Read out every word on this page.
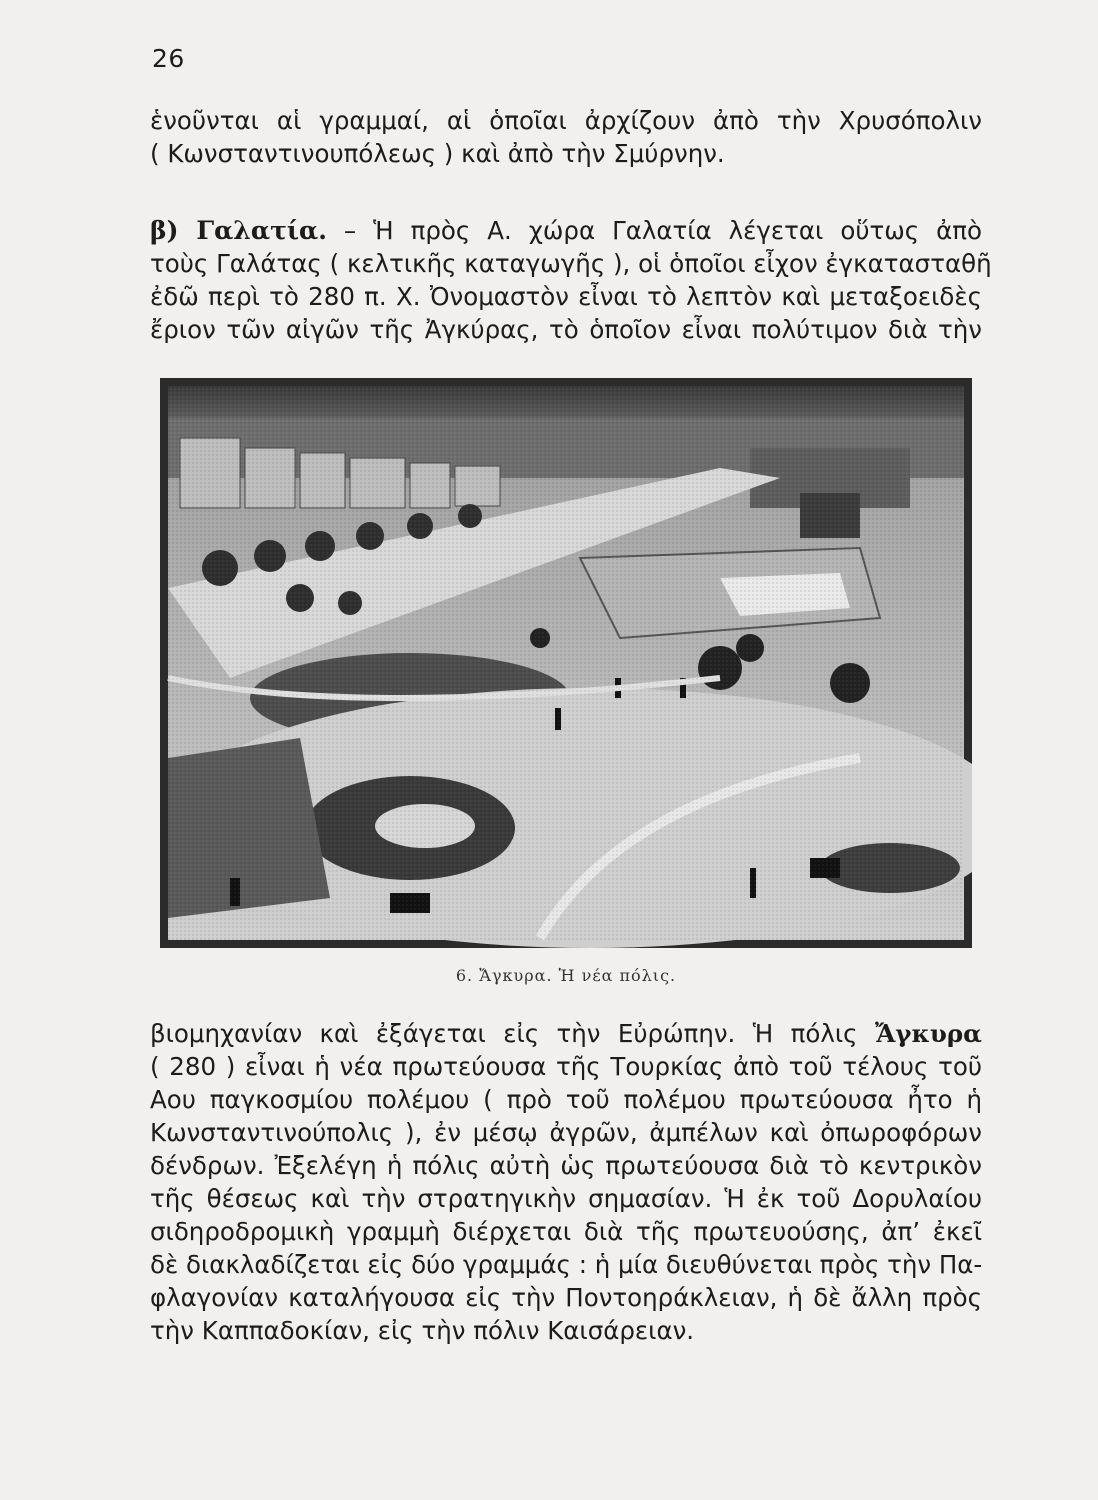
26

ἑνοῦνται αἱ γραμμαί, αἱ ὁποῖαι ἀρχίζουν ἀπὸ τὴν Χρυσόπολιν
( Κωνσταντινουπόλεως ) καὶ ἀπὸ τὴν Σμύρνην.

β) Γαλατία. – Ἡ πρὸς Α. χώρα Γαλατία λέγεται οὕτως ἀπὸ
τοὺς Γαλάτας ( κελτικῆς καταγωγῆς ), οἱ ὁποῖοι εἶχον ἐγκατασταθῆ
ἐδῶ περὶ τὸ 280 π. Χ. Ὀνομαστὸν εἶναι τὸ λεπτὸν καὶ μεταξοειδὲς
ἔριον τῶν αἰγῶν τῆς Ἀγκύρας, τὸ ὁποῖον εἶναι πολύτιμον διὰ τὴν

6. Ἄγκυρα. Ἡ νέα πόλις.

βιομηχανίαν καὶ ἐξάγεται εἰς τὴν Εὐρώπην. Ἡ πόλις Ἄγκυρα
( 280 ) εἶναι ἡ νέα πρωτεύουσα τῆς Τουρκίας ἀπὸ τοῦ τέλους τοῦ
Αου παγκοσμίου πολέμου ( πρὸ τοῦ πολέμου πρωτεύουσα ἦτο ἡ
Κωνσταντινούπολις ), ἐν μέσῳ ἀγρῶν, ἀμπέλων καὶ ὀπωροφόρων
δένδρων. Ἐξελέγη ἡ πόλις αὐτὴ ὡς πρωτεύουσα διὰ τὸ κεντρικὸν
τῆς θέσεως καὶ τὴν στρατηγικὴν σημασίαν. Ἡ ἐκ τοῦ Δορυλαίου
σιδηροδρομικὴ γραμμὴ διέρχεται διὰ τῆς πρωτευούσης, ἀπ’ ἐκεῖ
δὲ διακλαδίζεται εἰς δύο γραμμάς : ἡ μία διευθύνεται πρὸς τὴν Πα-
φλαγονίαν καταλήγουσα εἰς τὴν Ποντοηράκλειαν, ἡ δὲ ἄλλη πρὸς
τὴν Καππαδοκίαν, εἰς τὴν πόλιν Καισάρειαν.
